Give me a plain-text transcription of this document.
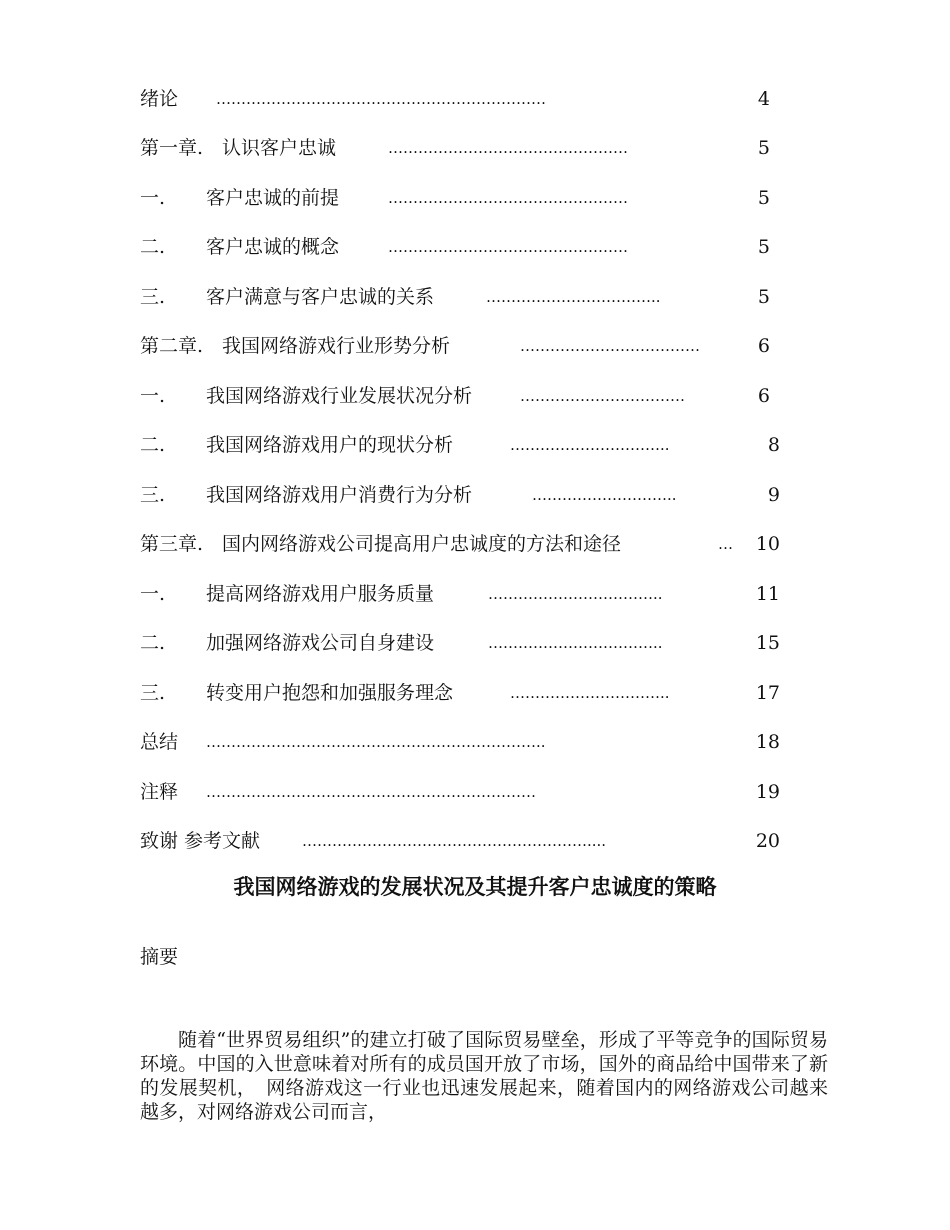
绪论	…………………………………………………………	4
第一章.　认识客户忠诚	…………………………………………	5
一. 客户忠诚的前提	…………………………………………	5
二. 客户忠诚的概念	…………………………………………	5
三. 客户满意与客户忠诚的关系	……………………………..	5
第二章.　我国网络游戏行业形势分析	………………………………	6
一. 我国网络游戏行业发展状况分析	……………………………	6
二. 我国网络游戏用户的现状分析	…………………………..	8
三. 我国网络游戏用户消费行为分析	………………………..	9
第三章.　国内网络游戏公司提高用户忠诚度的方法和途径	…	10
一. 提高网络游戏用户服务质量	……………………………..	11
二. 加强网络游戏公司自身建设	……………………………..	15
三. 转变用户抱怨和加强服务理念	…………………………..	17
总结 …………………………………………………………..	18
注释 …………………………………………………………	19
致谢 参考文献	…………………………………………………....	20
我国网络游戏的发展状况及其提升客户忠诚度的策略
摘要

随着“世界贸易组织”的建立打破了国际贸易壁垒，形成了平等竞争的国际贸易环境。中国的入世意味着对所有的成员国开放了市场，国外的商品给中国带来了新的发展契机，　网络游戏这一行业也迅速发展起来，随着国内的网络游戏公司越来越多，对网络游戏公司而言，
